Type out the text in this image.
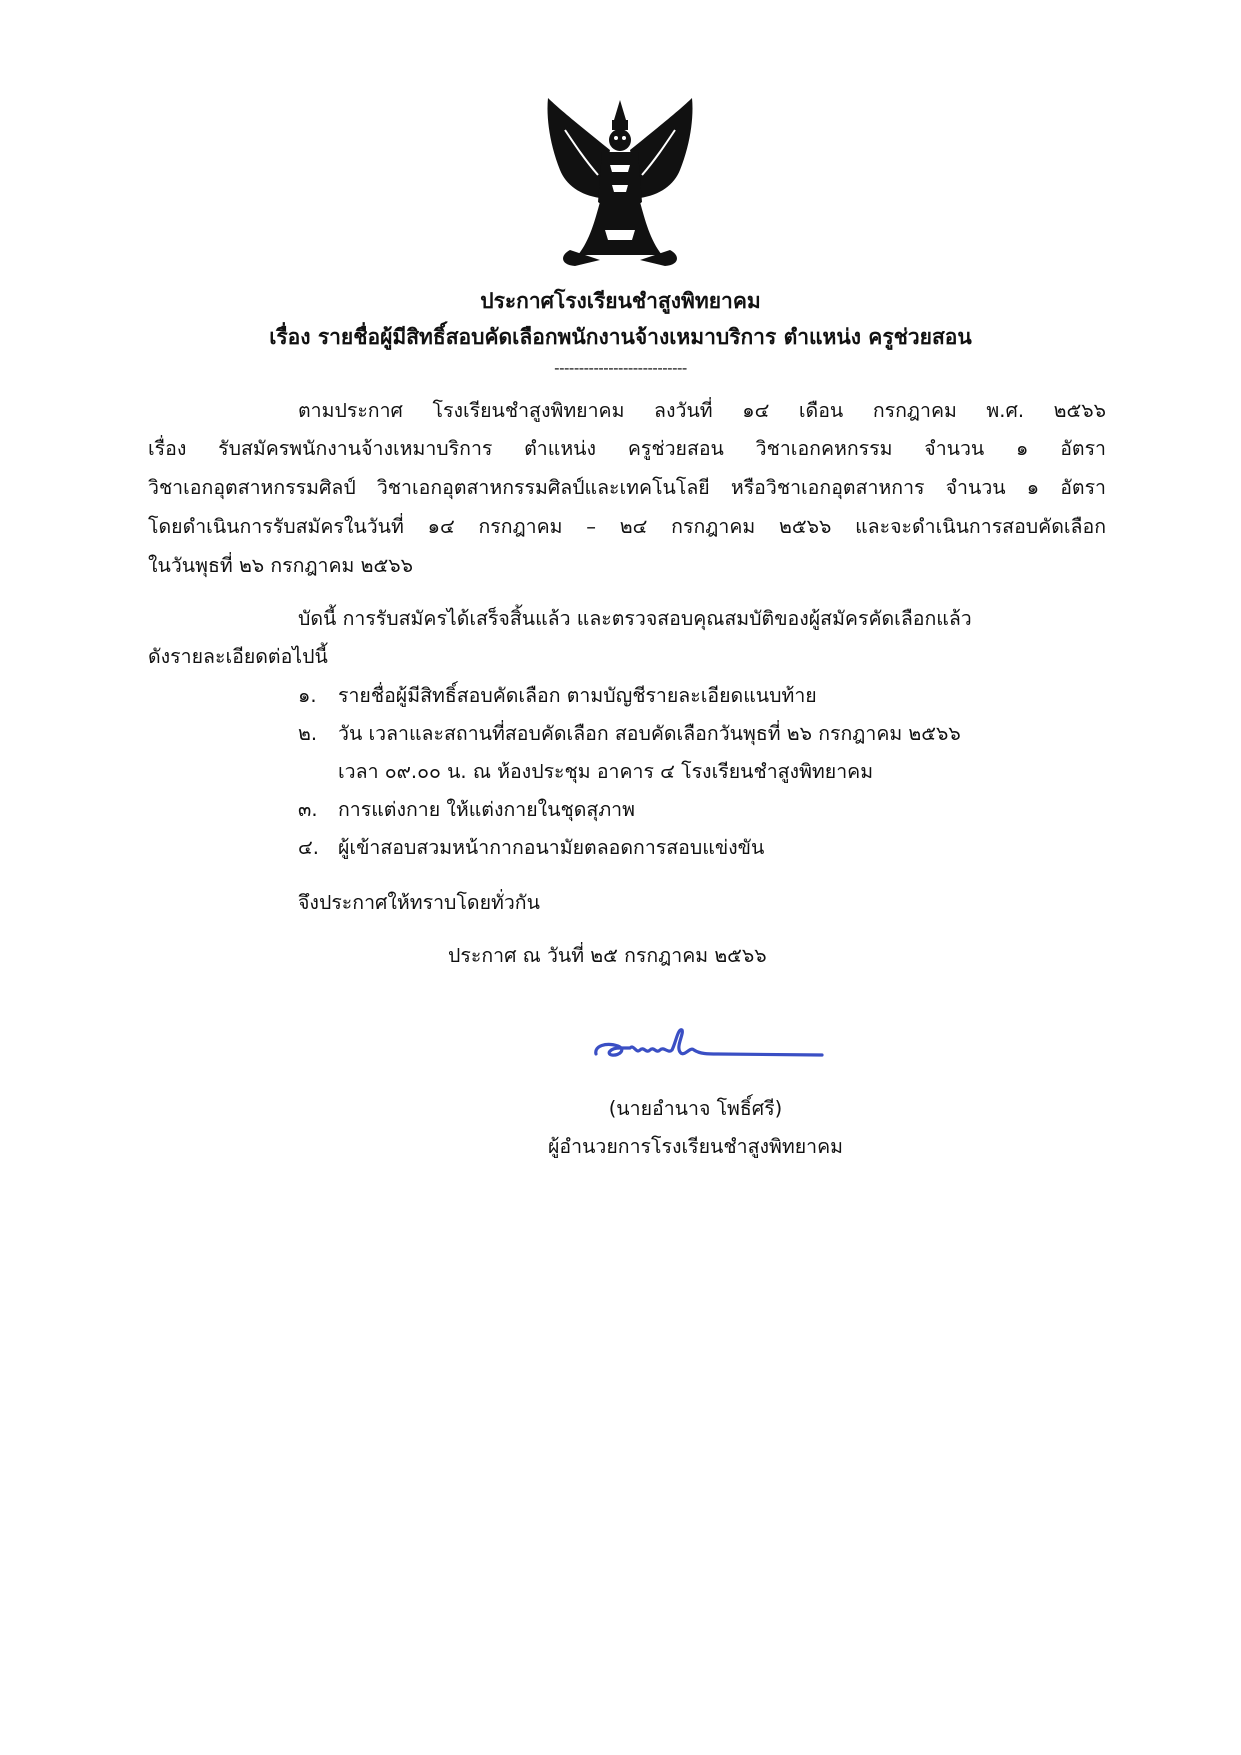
ประกาศโรงเรียนชำสูงพิทยาคม
เรื่อง รายชื่อผู้มีสิทธิ์สอบคัดเลือกพนักงานจ้างเหมาบริการ ตำแหน่ง ครูช่วยสอน
---------------------------
ตามประกาศ โรงเรียนชำสูงพิทยาคม ลงวันที่ ๑๔ เดือน กรกฎาคม พ.ศ. ๒๕๖๖
เรื่อง รับสมัครพนักงานจ้างเหมาบริการ ตำแหน่ง ครูช่วยสอน วิชาเอกคหกรรม จำนวน ๑ อัตรา
วิชาเอกอุตสาหกรรมศิลป์ วิชาเอกอุตสาหกรรมศิลป์และเทคโนโลยี หรือวิชาเอกอุตสาหการ จำนวน ๑ อัตรา
โดยดำเนินการรับสมัครในวันที่ ๑๔ กรกฎาคม – ๒๔ กรกฎาคม ๒๕๖๖ และจะดำเนินการสอบคัดเลือก
ในวันพุธที่ ๒๖ กรกฎาคม ๒๕๖๖
บัดนี้ การรับสมัครได้เสร็จสิ้นแล้ว และตรวจสอบคุณสมบัติของผู้สมัครคัดเลือกแล้ว
ดังรายละเอียดต่อไปนี้
๑. รายชื่อผู้มีสิทธิ์สอบคัดเลือก ตามบัญชีรายละเอียดแนบท้าย
๒. วัน เวลาและสถานที่สอบคัดเลือก สอบคัดเลือกวันพุธที่ ๒๖ กรกฎาคม ๒๕๖๖
เวลา ๐๙.๐๐ น. ณ ห้องประชุม อาคาร ๔ โรงเรียนชำสูงพิทยาคม
๓. การแต่งกาย ให้แต่งกายในชุดสุภาพ
๔. ผู้เข้าสอบสวมหน้ากากอนามัยตลอดการสอบแข่งขัน
จึงประกาศให้ทราบโดยทั่วกัน
ประกาศ ณ วันที่ ๒๕ กรกฎาคม ๒๕๖๖
(นายอำนาจ โพธิ์ศรี)
ผู้อำนวยการโรงเรียนชำสูงพิทยาคม
